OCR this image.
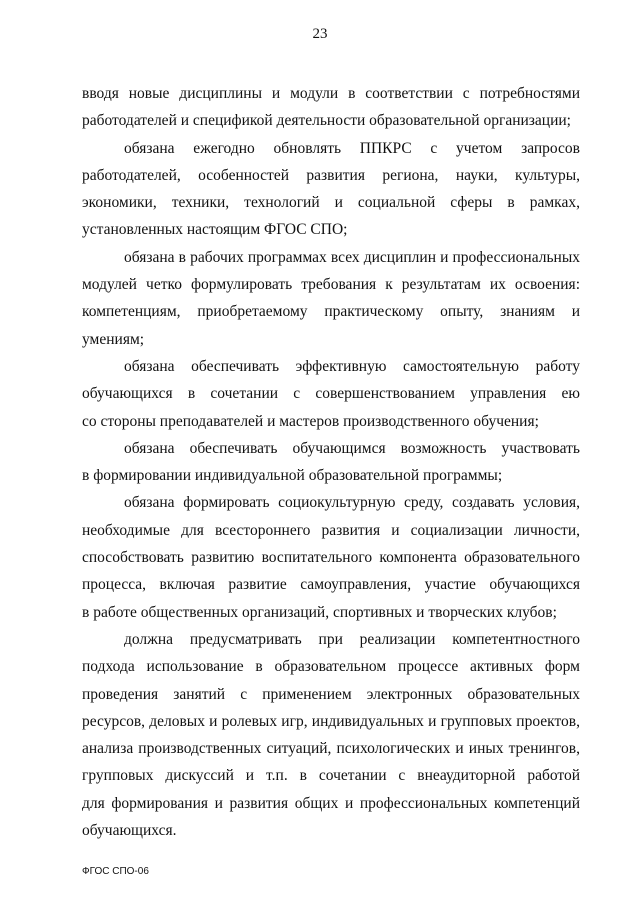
23

вводя новые дисциплины и модули в соответствии с потребностями
работодателей и спецификой деятельности образовательной организации;

обязана ежегодно обновлять ППКРС с учетом запросов
работодателей, особенностей развития региона, науки, культуры,
экономики, техники, технологий и социальной сферы в рамках,
установленных настоящим ФГОС СПО;

обязана в рабочих программах всех дисциплин и профессиональных
модулей четко формулировать требования к результатам их освоения:
компетенциям, приобретаемому практическому опыту, знаниям и
умениям;

обязана обеспечивать эффективную самостоятельную работу
обучающихся в сочетании с совершенствованием управления ею
со стороны преподавателей и мастеров производственного обучения;

обязана обеспечивать обучающимся возможность участвовать
в формировании индивидуальной образовательной программы;

обязана формировать социокультурную среду, создавать условия,
необходимые для всестороннего развития и социализации личности,
способствовать развитию воспитательного компонента образовательного
процесса, включая развитие самоуправления, участие обучающихся
в работе общественных организаций, спортивных и творческих клубов;

должна предусматривать при реализации компетентностного
подхода использование в образовательном процессе активных форм
проведения занятий с применением электронных образовательных
ресурсов, деловых и ролевых игр, индивидуальных и групповых проектов,
анализа производственных ситуаций, психологических и иных тренингов,
групповых дискуссий и т.п. в сочетании с внеаудиторной работой
для формирования и развития общих и профессиональных компетенций
обучающихся.

ФГОС СПО-06
